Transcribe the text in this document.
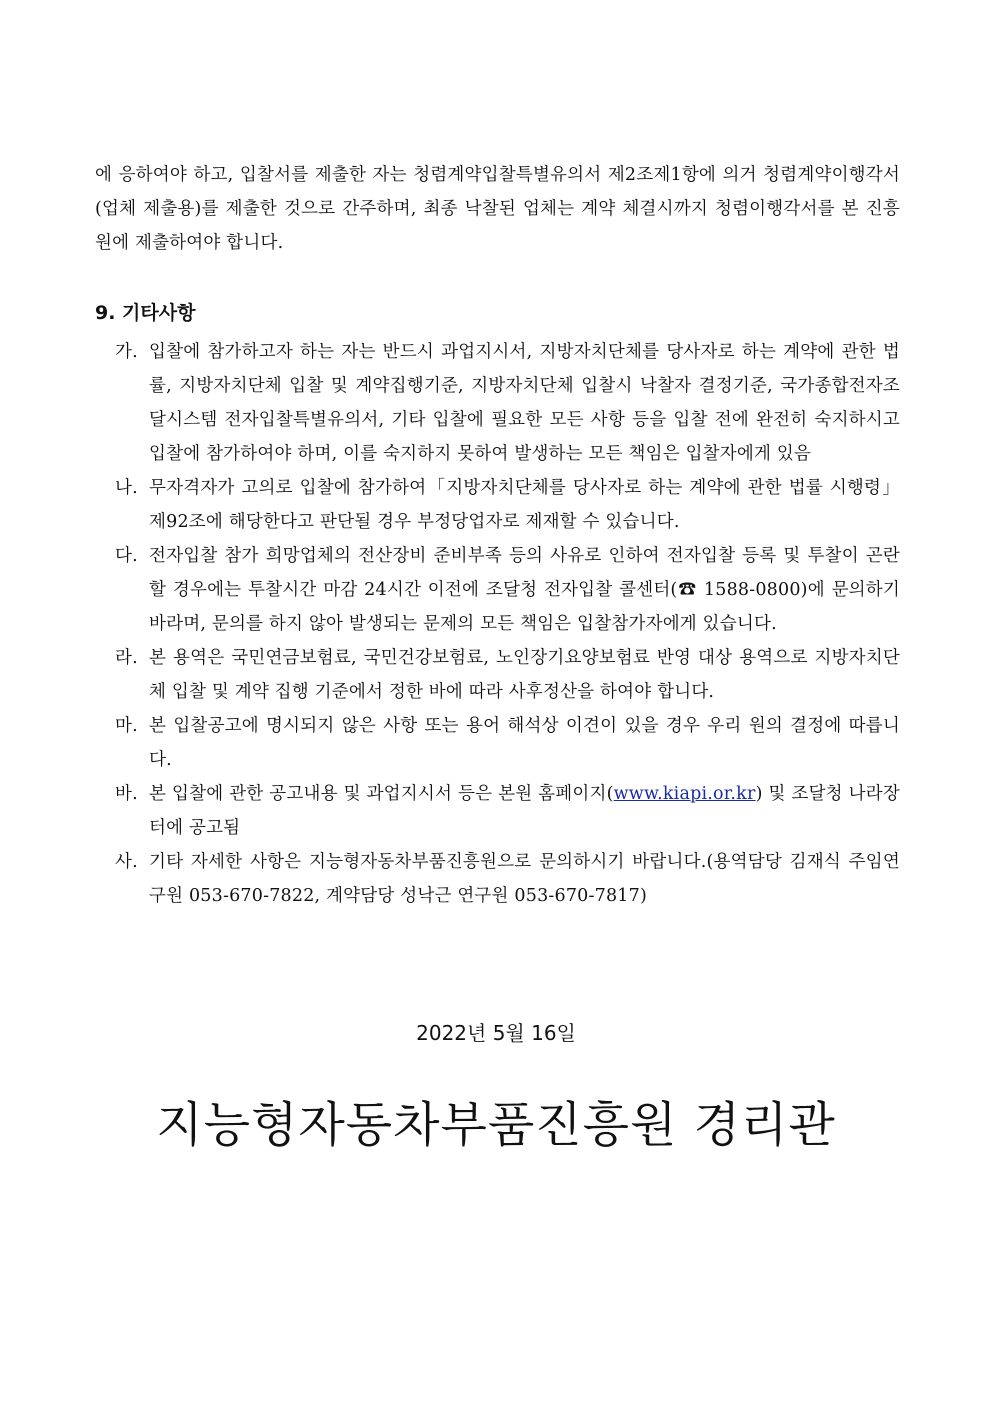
에 응하여야 하고, 입찰서를 제출한 자는 청렴계약입찰특별유의서 제2조제1항에 의거 청렴계약이행각서(업체 제출용)를 제출한 것으로 간주하며, 최종 낙찰된 업체는 계약 체결시까지 청렴이행각서를 본 진흥원에 제출하여야 합니다.

9. 기타사항
가. 입찰에 참가하고자 하는 자는 반드시 과업지시서, 지방자치단체를 당사자로 하는 계약에 관한 법률, 지방자치단체 입찰 및 계약집행기준, 지방자치단체 입찰시 낙찰자 결정기준, 국가종합전자조달시스템 전자입찰특별유의서, 기타 입찰에 필요한 모든 사항 등을 입찰 전에 완전히 숙지하시고 입찰에 참가하여야 하며, 이를 숙지하지 못하여 발생하는 모든 책임은 입찰자에게 있음
나. 무자격자가 고의로 입찰에 참가하여「지방자치단체를 당사자로 하는 계약에 관한 법률 시행령」제92조에 해당한다고 판단될 경우 부정당업자로 제재할 수 있습니다.
다. 전자입찰 참가 희망업체의 전산장비 준비부족 등의 사유로 인하여 전자입찰 등록 및 투찰이 곤란할 경우에는 투찰시간 마감 24시간 이전에 조달청 전자입찰 콜센터(☎ 1588-0800)에 문의하기 바라며, 문의를 하지 않아 발생되는 문제의 모든 책임은 입찰참가자에게 있습니다.
라. 본 용역은 국민연금보험료, 국민건강보험료, 노인장기요양보험료 반영 대상 용역으로 지방자치단체 입찰 및 계약 집행 기준에서 정한 바에 따라 사후정산을 하여야 합니다.
마. 본 입찰공고에 명시되지 않은 사항 또는 용어 해석상 이견이 있을 경우 우리 원의 결정에 따릅니다.
바. 본 입찰에 관한 공고내용 및 과업지시서 등은 본원 홈페이지(www.kiapi.or.kr) 및 조달청 나라장터에 공고됨
사. 기타 자세한 사항은 지능형자동차부품진흥원으로 문의하시기 바랍니다.(용역담당 김재식 주임연구원 053-670-7822, 계약담당 성낙근 연구원 053-670-7817)

2022년 5월 16일

지능형자동차부품진흥원 경리관
